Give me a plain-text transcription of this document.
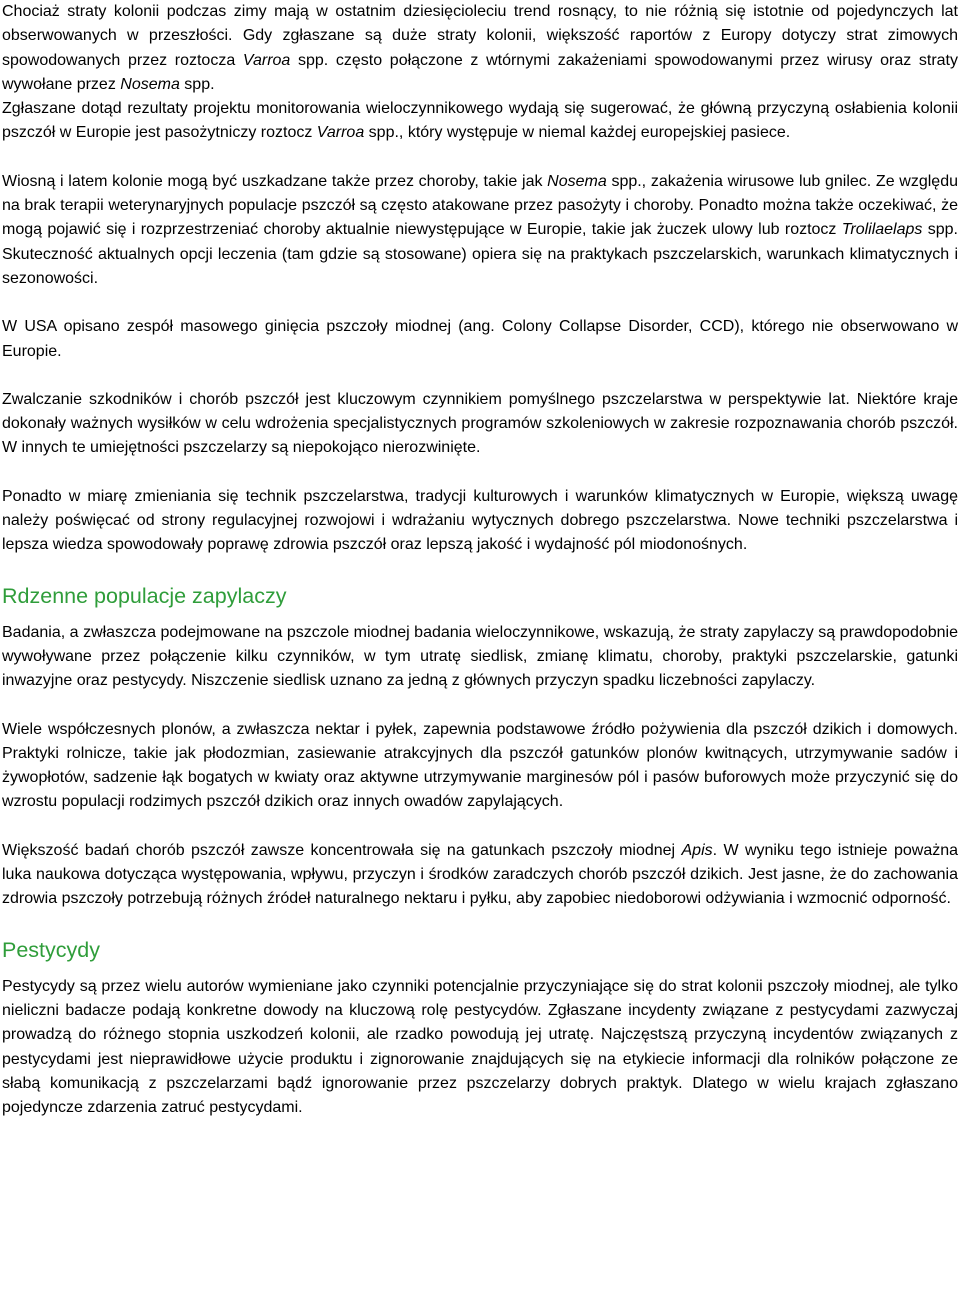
Chociaż straty kolonii podczas zimy mają w ostatnim dziesięcioleciu trend rosnący, to nie różnią się istotnie od pojedynczych lat obserwowanych w przeszłości. Gdy zgłaszane są duże straty kolonii, większość raportów z Europy dotyczy strat zimowych spowodowanych przez roztocza Varroa spp. często połączone z wtórnymi zakażeniami spowodowanymi przez wirusy oraz straty wywołane przez Nosema spp.

Zgłaszane dotąd rezultaty projektu monitorowania wieloczynnikowego wydają się sugerować, że główną przyczyną osłabienia kolonii pszczół w Europie jest pasożytniczy roztocz Varroa spp., który występuje w niemal każdej europejskiej pasiece.

Wiosną i latem kolonie mogą być uszkadzane także przez choroby, takie jak Nosema spp., zakażenia wirusowe lub gnilec. Ze względu na brak terapii weterynaryjnych populacje pszczół są często atakowane przez pasożyty i choroby. Ponadto można także oczekiwać, że mogą pojawić się i rozprzestrzeniać choroby aktualnie niewystępujące w Europie, takie jak żuczek ulowy lub roztocz Trolilaelaps spp. Skuteczność aktualnych opcji leczenia (tam gdzie są stosowane) opiera się na praktykach pszczelarskich, warunkach klimatycznych i sezonowości.

W USA opisano zespół masowego ginięcia pszczoły miodnej (ang. Colony Collapse Disorder, CCD), którego nie obserwowano w Europie.

Zwalczanie szkodników i chorób pszczół jest kluczowym czynnikiem pomyślnego pszczelarstwa w perspektywie lat. Niektóre kraje dokonały ważnych wysiłków w celu wdrożenia specjalistycznych programów szkoleniowych w zakresie rozpoznawania chorób pszczół. W innych te umiejętności pszczelarzy są niepokojąco nierozwinięte.

Ponadto w miarę zmieniania się technik pszczelarstwa, tradycji kulturowych i warunków klimatycznych w Europie, większą uwagę należy poświęcać od strony regulacyjnej rozwojowi i wdrażaniu wytycznych dobrego pszczelarstwa. Nowe techniki pszczelarstwa i lepsza wiedza spowodowały poprawę zdrowia pszczół oraz lepszą jakość i wydajność pól miodonośnych.

Rdzenne populacje zapylaczy

Badania, a zwłaszcza podejmowane na pszczole miodnej badania wieloczynnikowe, wskazują, że straty zapylaczy są prawdopodobnie wywoływane przez połączenie kilku czynników, w tym utratę siedlisk, zmianę klimatu, choroby, praktyki pszczelarskie, gatunki inwazyjne oraz pestycydy. Niszczenie siedlisk uznano za jedną z głównych przyczyn spadku liczebności zapylaczy.

Wiele współczesnych plonów, a zwłaszcza nektar i pyłek, zapewnia podstawowe źródło pożywienia dla pszczół dzikich i domowych. Praktyki rolnicze, takie jak płodozmian, zasiewanie atrakcyjnych dla pszczół gatunków plonów kwitnących, utrzymywanie sadów i żywopłotów, sadzenie łąk bogatych w kwiaty oraz aktywne utrzymywanie marginesów pól i pasów buforowych może przyczynić się do wzrostu populacji rodzimych pszczół dzikich oraz innych owadów zapylających.

Większość badań chorób pszczół zawsze koncentrowała się na gatunkach pszczoły miodnej Apis. W wyniku tego istnieje poważna luka naukowa dotycząca występowania, wpływu, przyczyn i środków zaradczych chorób pszczół dzikich. Jest jasne, że do zachowania zdrowia pszczoły potrzebują różnych źródeł naturalnego nektaru i pyłku, aby zapobiec niedoborowi odżywiania i wzmocnić odporność.

Pestycydy

Pestycydy są przez wielu autorów wymieniane jako czynniki potencjalnie przyczyniające się do strat kolonii pszczoły miodnej, ale tylko nieliczni badacze podają konkretne dowody na kluczową rolę pestycydów. Zgłaszane incydenty związane z pestycydami zazwyczaj prowadzą do różnego stopnia uszkodzeń kolonii, ale rzadko powodują jej utratę. Najczęstszą przyczyną incydentów związanych z pestycydami jest nieprawidłowe użycie produktu i zignorowanie znajdujących się na etykiecie informacji dla rolników połączone ze słabą komunikacją z pszczelarzami bądź ignorowanie przez pszczelarzy dobrych praktyk. Dlatego w wielu krajach zgłaszano pojedyncze zdarzenia zatruć pestycydami.
